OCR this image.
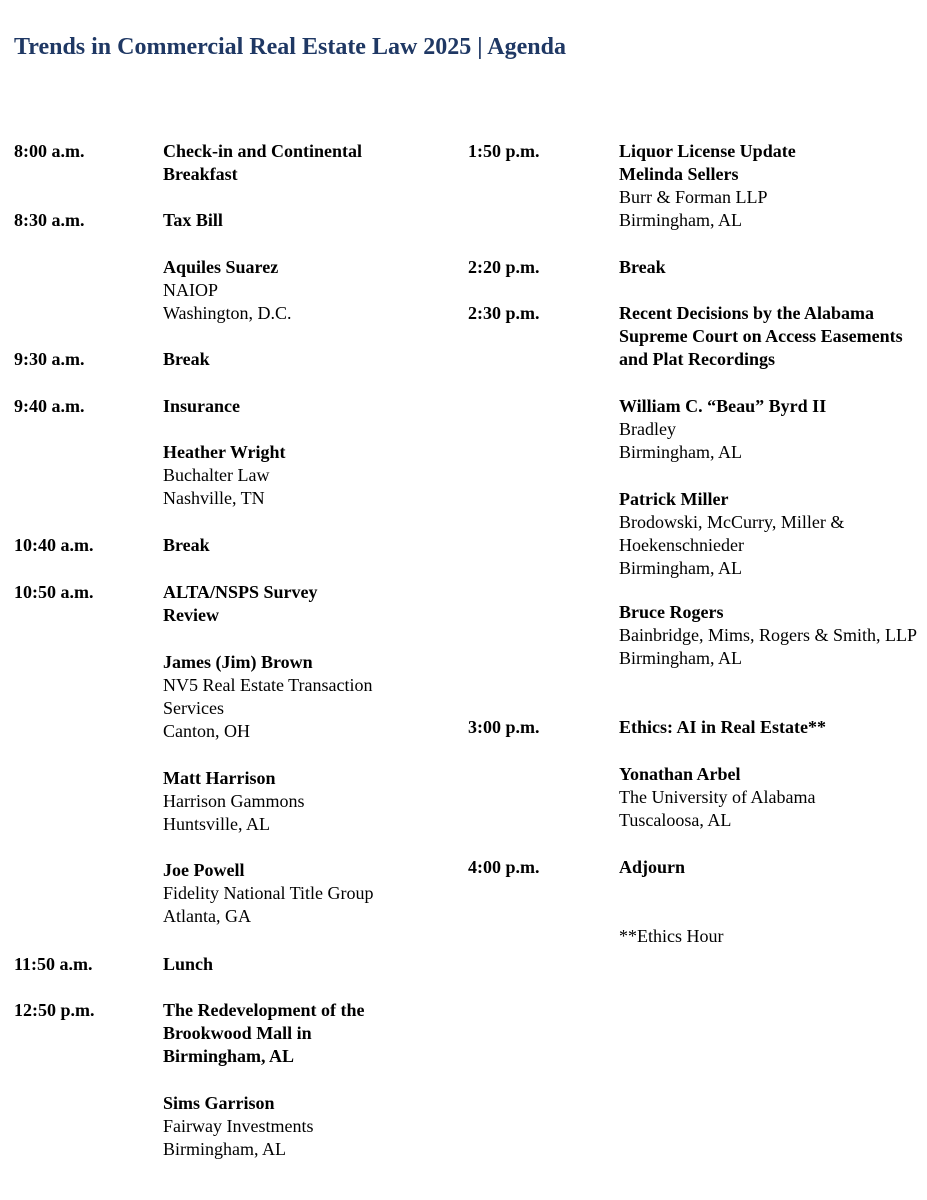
Trends in Commercial Real Estate Law 2025 | Agenda
8:00 a.m.	Check-in and Continental Breakfast
8:30 a.m.	Tax Bill
Aquiles Suarez
NAIOP
Washington, D.C.
9:30 a.m.	Break
9:40 a.m.	Insurance
Heather Wright
Buchalter Law
Nashville, TN
10:40 a.m.	Break
10:50 a.m.	ALTA/NSPS Survey Review
James (Jim) Brown
NV5 Real Estate Transaction Services
Canton, OH
Matt Harrison
Harrison Gammons
Huntsville, AL
Joe Powell
Fidelity National Title Group
Atlanta, GA
11:50 a.m.	Lunch
12:50 p.m.	The Redevelopment of the Brookwood Mall in Birmingham, AL
Sims Garrison
Fairway Investments
Birmingham, AL
1:50 p.m.	Liquor License Update
Melinda Sellers
Burr & Forman LLP
Birmingham, AL
2:20 p.m.	Break
2:30 p.m.	Recent Decisions by the Alabama Supreme Court on Access Easements and Plat Recordings
William C. “Beau” Byrd II
Bradley
Birmingham, AL
Patrick Miller
Brodowski, McCurry, Miller & Hoekenschnieder
Birmingham, AL
Bruce Rogers
Bainbridge, Mims, Rogers & Smith, LLP
Birmingham, AL
3:00 p.m.	Ethics: AI in Real Estate**
Yonathan Arbel
The University of Alabama
Tuscaloosa, AL
4:00 p.m.	Adjourn
**Ethics Hour
